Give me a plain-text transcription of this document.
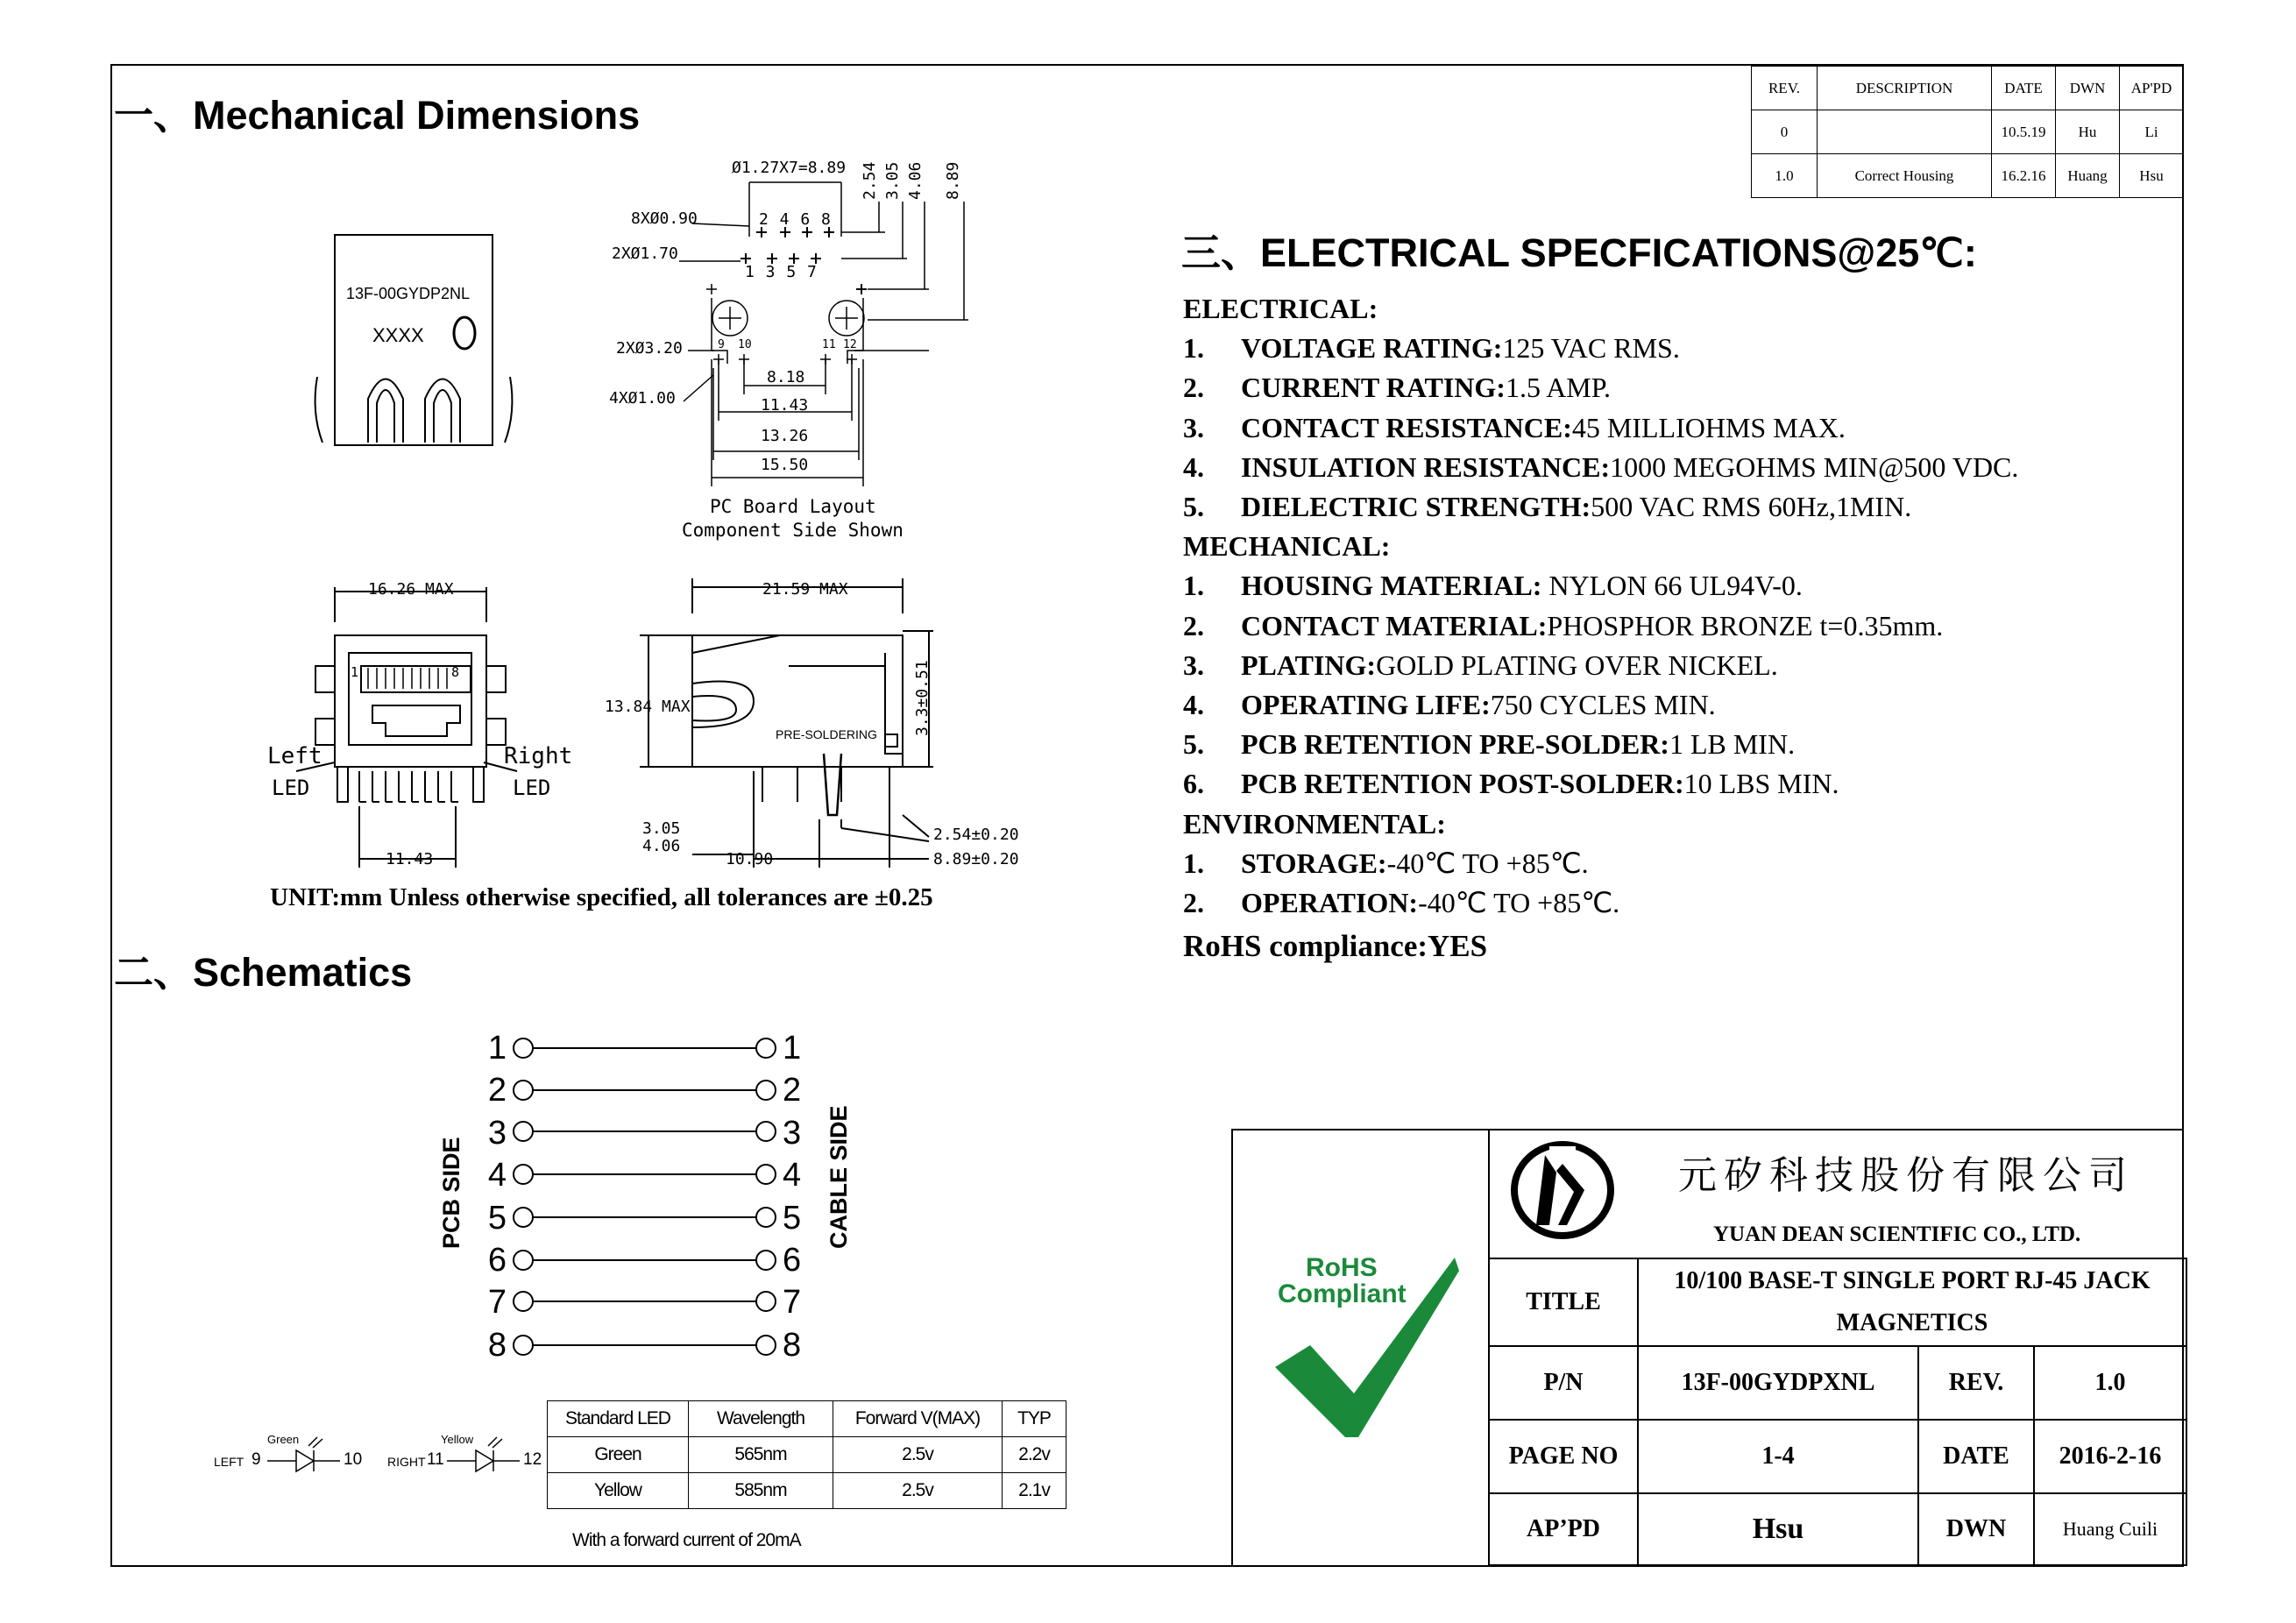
一、Mechanical Dimensions
二、Schematics
三、ELECTRICAL SPECFICATIONS@25℃:
REV.	DESCRIPTION	DATE	DWN	AP'PD
0		10.5.19	Hu	Li
1.0	Correct Housing	16.2.16	Huang	Hsu
13F-00GYDP2NL
XXXX
Ø1.27X7=8.89
8XØ0.90
2XØ1.70
2XØ3.20
4XØ1.00
8.18
11.43
13.26
15.50
2.54 3.05 4.06 8.89
2 4 6 8
1 3 5 7
9 10	11 12
PC Board Layout
Component Side Shown
16.26 MAX
1	8
Left
LED
Right
LED
11.43
21.59 MAX
13.84 MAX	3.3±0.51
PRE-SOLDERING
3.05
4.06
10.90
2.54±0.20
8.89±0.20
UNIT:mm Unless otherwise specified, all tolerances are ±0.25
1
2
3
4
5
6
7
8
1
2
3
4
5
6
7
8
PCB SIDE	CABLE SIDE
LEFT 9	10
Green
RIGHT 11	12
Yellow
Standard LED	Wavelength	Forward V(MAX)	TYP
Green	565nm	2.5v	2.2v
Yellow	585nm	2.5v	2.1v
With a forward current of 20mA
ELECTRICAL:
1. VOLTAGE RATING:125 VAC RMS.
2. CURRENT RATING:1.5 AMP.
3. CONTACT RESISTANCE:45 MILLIOHMS MAX.
4. INSULATION RESISTANCE:1000 MEGOHMS MIN@500 VDC.
5. DIELECTRIC STRENGTH:500 VAC RMS 60Hz,1MIN.
MECHANICAL:
1. HOUSING MATERIAL: NYLON 66 UL94V-0.
2. CONTACT MATERIAL:PHOSPHOR BRONZE t=0.35mm.
3. PLATING:GOLD PLATING OVER NICKEL.
4. OPERATING LIFE:750 CYCLES MIN.
5. PCB RETENTION PRE-SOLDER:1 LB MIN.
6. PCB RETENTION POST-SOLDER:10 LBS MIN.
ENVIRONMENTAL:
1. STORAGE:-40℃ TO +85℃.
2. OPERATION:-40℃ TO +85℃.
RoHS compliance:YES
元矽科技股份有限公司
YUAN DEAN SCIENTIFIC CO., LTD.
RoHS
Compliant	TITLE	10/100 BASE-T SINGLE PORT RJ-45 JACK MAGNETICS		
P/N	13F-00GYDPXNL	REV.	1.0
PAGE NO	1-4	DATE	2016-2-16
AP’PD	Hsu	DWN	Huang Cuili
